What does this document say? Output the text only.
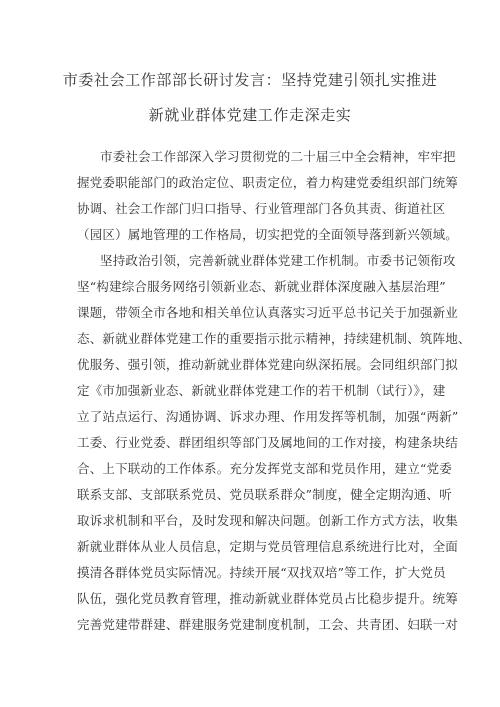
市委社会工作部部长研讨发言：坚持党建引领扎实推进
新就业群体党建工作走深走实
市委社会工作部深入学习贯彻党的二十届三中全会精神，牢牢把
握党委职能部门的政治定位、职责定位，着力构建党委组织部门统筹
协调、社会工作部门归口指导、行业管理部门各负其责、街道社区
（园区）属地管理的工作格局，切实把党的全面领导落到新兴领域。
坚持政治引领，完善新就业群体党建工作机制。市委书记领衔攻
坚“构建综合服务网络引领新业态、新就业群体深度融入基层治理”
课题，带领全市各地和相关单位认真落实习近平总书记关于加强新业
态、新就业群体党建工作的重要指示批示精神，持续建机制、筑阵地、
优服务、强引领，推动新就业群体党建向纵深拓展。会同组织部门拟
定《市加强新业态、新就业群体党建工作的若干机制（试行）》，建
立了站点运行、沟通协调、诉求办理、作用发挥等机制，加强“两新”
工委、行业党委、群团组织等部门及属地间的工作对接，构建条块结
合、上下联动的工作体系。充分发挥党支部和党员作用，建立“党委
联系支部、支部联系党员、党员联系群众”制度，健全定期沟通、听
取诉求机制和平台，及时发现和解决问题。创新工作方式方法，收集
新就业群体从业人员信息，定期与党员管理信息系统进行比对，全面
摸清各群体党员实际情况。持续开展“双找双培”等工作，扩大党员
队伍，强化党员教育管理，推动新就业群体党员占比稳步提升。统筹
完善党建带群建、群建服务党建制度机制，工会、共青团、妇联一对
